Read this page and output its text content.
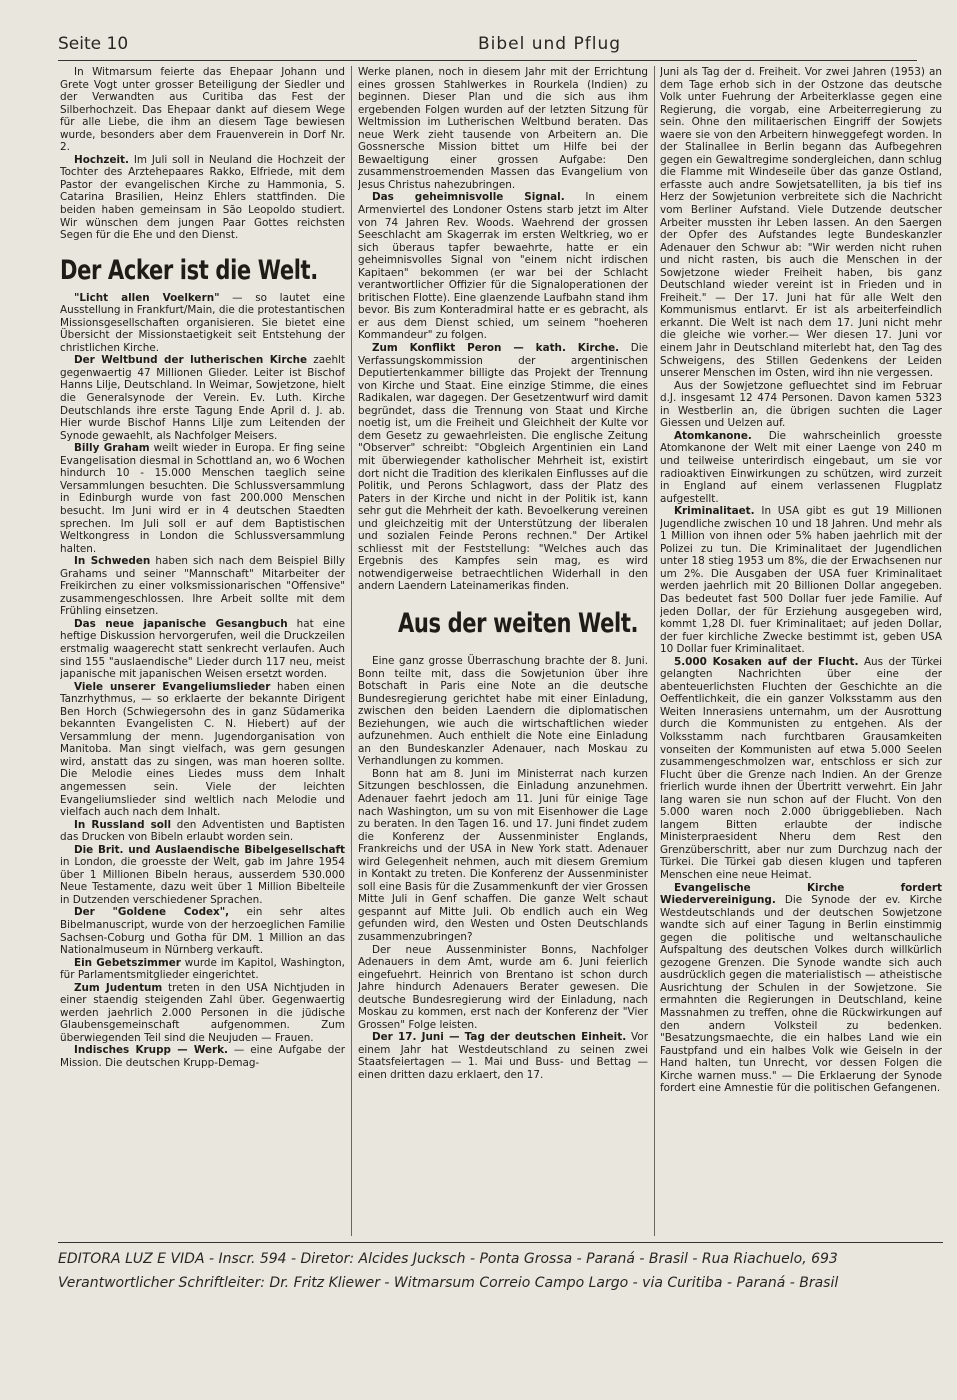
Seite 10	Bibel und Pflug

In Witmarsum feierte das Ehepaar Johann und Grete Vogt unter grosser Beteiligung der Siedler und der Verwandten aus Curitiba das Fest der Silberhochzeit. Das Ehepaar dankt auf diesem Wege für alle Liebe, die ihm an diesem Tage bewiesen wurde, besonders aber dem Frauenverein in Dorf Nr. 2.

Hochzeit. Im Juli soll in Neuland die Hochzeit der Tochter des Arztehepaares Rakko, Elfriede, mit dem Pastor der evangelischen Kirche zu Hammonia, S. Catarina Brasilien, Heinz Ehlers stattfinden. Die beiden haben gemeinsam in São Leopoldo studiert. Wir wünschen dem jungen Paar Gottes reichsten Segen für die Ehe und den Dienst.

Der Acker ist die Welt.

"Licht allen Voelkern" — so lautet eine Ausstellung in Frankfurt/Main, die die protestantischen Missionsgesellschaften organisieren. Sie bietet eine Übersicht der Missionstaetigkeit seit Entstehung der christlichen Kirche.

Der Weltbund der lutherischen Kirche zaehlt gegenwaertig 47 Millionen Glieder. Leiter ist Bischof Hanns Lilje, Deutschland. In Weimar, Sowjetzone, hielt die Generalsynode der Verein. Ev. Luth. Kirche Deutschlands ihre erste Tagung Ende April d. J. ab. Hier wurde Bischof Hanns Lilje zum Leitenden der Synode gewaehlt, als Nachfolger Meisers.

Billy Graham weilt wieder in Europa. Er fing seine Evangelisation diesmal in Schottland an, wo 6 Wochen hindurch 10 - 15.000 Menschen taeglich seine Versammlungen besuchten. Die Schlussversammlung in Edinburgh wurde von fast 200.000 Menschen besucht. Im Juni wird er in 4 deutschen Staedten sprechen. Im Juli soll er auf dem Baptistischen Weltkongress in London die Schlussversammlung halten.

In Schweden haben sich nach dem Beispiel Billy Grahams und seiner "Mannschaft" Mitarbeiter der Freikirchen zu einer volksmissionarischen "Offensive" zusammengeschlossen. Ihre Arbeit sollte mit dem Frühling einsetzen.

Das neue japanische Gesangbuch hat eine heftige Diskussion hervorgerufen, weil die Druckzeilen erstmalig waagerecht statt senkrecht verlaufen. Auch sind 155 "auslaendische" Lieder durch 117 neu, meist japanische mit japanischen Weisen ersetzt worden.

Viele unserer Evangeliumslieder haben einen Tanzrhythmus, — so erklaerte der bekannte Dirigent Ben Horch (Schwiegersohn des in ganz Südamerika bekannten Evangelisten C. N. Hiebert) auf der Versammlung der menn. Jugendorganisation von Manitoba. Man singt vielfach, was gern gesungen wird, anstatt das zu singen, was man hoeren sollte. Die Melodie eines Liedes muss dem Inhalt angemessen sein. Viele der leichten Evangeliumslieder sind weltlich nach Melodie und vielfach auch nach dem Inhalt.

In Russland soll den Adventisten und Baptisten das Drucken von Bibeln erlaubt worden sein.

Die Brit. und Auslaendische Bibelgesellschaft in London, die groesste der Welt, gab im Jahre 1954 über 1 Millionen Bibeln heraus, ausserdem 530.000 Neue Testamente, dazu weit über 1 Million Bibelteile in Dutzenden verschiedener Sprachen.

Der "Goldene Codex", ein sehr altes Bibelmanuscript, wurde von der herzoeglichen Familie Sachsen-Coburg und Gotha für DM. 1 Million an das Nationalmuseum in Nürnberg verkauft.

Ein Gebetszimmer wurde im Kapitol, Washington, für Parlamentsmitglieder eingerichtet.

Zum Judentum treten in den USA Nichtjuden in einer staendig steigenden Zahl über. Gegenwaertig werden jaehrlich 2.000 Personen in die jüdische Glaubensgemeinschaft aufgenommen. Zum überwiegenden Teil sind die Neujuden — Frauen.

Indisches Krupp — Werk. — eine Aufgabe der Mission. Die deutschen Krupp-Demag-

Werke planen, noch in diesem Jahr mit der Errichtung eines grossen Stahlwerkes in Rourkela (Indien) zu beginnen. Dieser Plan und die sich aus ihm ergebenden Folgen wurden auf der letzten Sitzung für Weltmission im Lutherischen Weltbund beraten. Das neue Werk zieht tausende von Arbeitern an. Die Gossnersche Mission bittet um Hilfe bei der Bewaeltigung einer grossen Aufgabe: Den zusammenstroemenden Massen das Evangelium von Jesus Christus nahezubringen.

Das geheimnisvolle Signal. In einem Armenviertel des Londoner Ostens starb jetzt im Alter von 74 Jahren Rev. Woods. Waehrend der grossen Seeschlacht am Skagerrak im ersten Weltkrieg, wo er sich überaus tapfer bewaehrte, hatte er ein geheimnisvolles Signal von "einem nicht irdischen Kapitaen" bekommen (er war bei der Schlacht verantwortlicher Offizier für die Signaloperationen der britischen Flotte). Eine glaenzende Laufbahn stand ihm bevor. Bis zum Konteradmiral hatte er es gebracht, als er aus dem Dienst schied, um seinem "hoeheren Kommandeur" zu folgen.

Zum Konflikt Peron — kath. Kirche. Die Verfassungskommission der argentinischen Deputiertenkammer billigte das Projekt der Trennung von Kirche und Staat. Eine einzige Stimme, die eines Radikalen, war dagegen. Der Gesetzentwurf wird damit begründet, dass die Trennung von Staat und Kirche noetig ist, um die Freiheit und Gleichheit der Kulte vor dem Gesetz zu gewaehrleisten. Die englische Zeitung "Observer" schreibt: "Obgleich Argentinien ein Land mit überwiegender katholischer Mehrheit ist, existirt dort nicht die Tradition des klerikalen Einflusses auf die Politik, und Perons Schlagwort, dass der Platz des Paters in der Kirche und nicht in der Politik ist, kann sehr gut die Mehrheit der kath. Bevoelkerung vereinen und gleichzeitig mit der Unterstützung der liberalen und sozialen Feinde Perons rechnen." Der Artikel schliesst mit der Feststellung: "Welches auch das Ergebnis des Kampfes sein mag, es wird notwendigerweise betraechtlichen Widerhall in den andern Laendern Lateinamerikas finden.

Aus der weiten Welt.

Eine ganz grosse Überraschung brachte der 8. Juni. Bonn teilte mit, dass die Sowjetunion über ihre Botschaft in Paris eine Note an die deutsche Bundesregierung gerichtet habe mit einer Einladung, zwischen den beiden Laendern die diplomatischen Beziehungen, wie auch die wirtschaftlichen wieder aufzunehmen. Auch enthielt die Note eine Einladung an den Bundeskanzler Adenauer, nach Moskau zu Verhandlungen zu kommen.

Bonn hat am 8. Juni im Ministerrat nach kurzen Sitzungen beschlossen, die Einladung anzunehmen. Adenauer faehrt jedoch am 11. Juni für einige Tage nach Washington, um su von mit Eisenhower die Lage zu beraten. In den Tagen 16. und 17. Juni findet zudem die Konferenz der Aussenminister Englands, Frankreichs und der USA in New York statt. Adenauer wird Gelegenheit nehmen, auch mit diesem Gremium in Kontakt zu treten. Die Konferenz der Aussenminister soll eine Basis für die Zusammenkunft der vier Grossen Mitte Juli in Genf schaffen. Die ganze Welt schaut gespannt auf Mitte Juli. Ob endlich auch ein Weg gefunden wird, den Westen und Osten Deutschlands zusammenzubringen?

Der neue Aussenminister Bonns, Nachfolger Adenauers in dem Amt, wurde am 6. Juni feierlich eingefuehrt. Heinrich von Brentano ist schon durch Jahre hindurch Adenauers Berater gewesen. Die deutsche Bundesregierung wird der Einladung, nach Moskau zu kommen, erst nach der Konferenz der "Vier Grossen" Folge leisten.

Der 17. Juni — Tag der deutschen Einheit. Vor einem Jahr hat Westdeutschland zu seinen zwei Staatsfeiertagen — 1. Mai und Buss- und Bettag — einen dritten dazu erklaert, den 17.

Juni als Tag der d. Freiheit. Vor zwei Jahren (1953) an dem Tage erhob sich in der Ostzone das deutsche Volk unter Fuehrung der Arbeiterklasse gegen eine Regierung, die vorgab, eine Arbeiterregierung zu sein. Ohne den militaerischen Eingriff der Sowjets waere sie von den Arbeitern hinweggefegt worden. In der Stalinallee in Berlin begann das Aufbegehren gegen ein Gewaltregime sondergleichen, dann schlug die Flamme mit Windeseile über das ganze Ostland, erfasste auch andre Sowjetsatelliten, ja bis tief ins Herz der Sowjetunion verbreitete sich die Nachricht vom Berliner Aufstand. Viele Dutzende deutscher Arbeiter mussten ihr Leben lassen. An den Saergen der Opfer des Aufstandes legte Bundeskanzler Adenauer den Schwur ab: "Wir werden nicht ruhen und nicht rasten, bis auch die Menschen in der Sowjetzone wieder Freiheit haben, bis ganz Deutschland wieder vereint ist in Frieden und in Freiheit." — Der 17. Juni hat für alle Welt den Kommunismus entlarvt. Er ist als arbeiterfeindlich erkannt. Die Welt ist nach dem 17. Juni nicht mehr die gleiche wie vorher.— Wer diesen 17. Juni vor einem Jahr in Deutschland miterlebt hat, den Tag des Schweigens, des Stillen Gedenkens der Leiden unserer Menschen im Osten, wird ihn nie vergessen.

Aus der Sowjetzone gefluechtet sind im Februar d.J. insgesamt 12 474 Personen. Davon kamen 5323 in Westberlin an, die übrigen suchten die Lager Giessen und Uelzen auf.

Atomkanone. Die wahrscheinlich groesste Atomkanone der Welt mit einer Laenge von 240 m und teilweise unterirdisch eingebaut, um sie vor radioaktiven Einwirkungen zu schützen, wird zurzeit in England auf einem verlassenen Flugplatz aufgestellt.

Kriminalitaet. In USA gibt es gut 19 Millionen Jugendliche zwischen 10 und 18 Jahren. Und mehr als 1 Million von ihnen oder 5% haben jaehrlich mit der Polizei zu tun. Die Kriminalitaet der Jugendlichen unter 18 stieg 1953 um 8%, die der Erwachsenen nur um 2%. Die Ausgaben der USA fuer Kriminalitaet werden jaehrlich mit 20 Billionen Dollar angegeben. Das bedeutet fast 500 Dollar fuer jede Familie. Auf jeden Dollar, der für Erziehung ausgegeben wird, kommt 1,28 Dl. fuer Kriminalitaet; auf jeden Dollar, der fuer kirchliche Zwecke bestimmt ist, geben USA 10 Dollar fuer Kriminalitaet.

5.000 Kosaken auf der Flucht. Aus der Türkei gelangten Nachrichten über eine der abenteuerlichsten Fluchten der Geschichte an die Oeffentlichkeit, die ein ganzer Volksstamm aus den Weiten Innerasiens unternahm, um der Ausrottung durch die Kommunisten zu entgehen. Als der Volksstamm nach furchtbaren Grausamkeiten vonseiten der Kommunisten auf etwa 5.000 Seelen zusammengeschmolzen war, entschloss er sich zur Flucht über die Grenze nach Indien. An der Grenze frierlich wurde ihnen der Übertritt verwehrt. Ein Jahr lang waren sie nun schon auf der Flucht. Von den 5.000 waren noch 2.000 übriggeblieben. Nach langem Bitten erlaubte der indische Ministerpraesident Nheru dem Rest den Grenzüberschritt, aber nur zum Durchzug nach der Türkei. Die Türkei gab diesen klugen und tapferen Menschen eine neue Heimat.

Evangelische Kirche fordert Wiedervereinigung. Die Synode der ev. Kirche Westdeutschlands und der deutschen Sowjetzone wandte sich auf einer Tagung in Berlin einstimmig gegen die politische und weltanschauliche Aufspaltung des deutschen Volkes durch willkürlich gezogene Grenzen. Die Synode wandte sich auch ausdrücklich gegen die materialistisch — atheistische Ausrichtung der Schulen in der Sowjetzone. Sie ermahnten die Regierungen in Deutschland, keine Massnahmen zu treffen, ohne die Rückwirkungen auf den andern Volksteil zu bedenken. "Besatzungsmaechte, die ein halbes Land wie ein Faustpfand und ein halbes Volk wie Geiseln in der Hand halten, tun Unrecht, vor dessen Folgen die Kirche warnen muss." — Die Erklaerung der Synode fordert eine Amnestie für die politischen Gefangenen.

EDITORA LUZ E VIDA - Inscr. 594 - Diretor: Alcides Jucksch - Ponta Grossa - Paraná - Brasil - Rua Riachuelo, 693
Verantwortlicher Schriftleiter: Dr. Fritz Kliewer - Witmarsum Correio Campo Largo - via Curitiba - Paraná - Brasil
